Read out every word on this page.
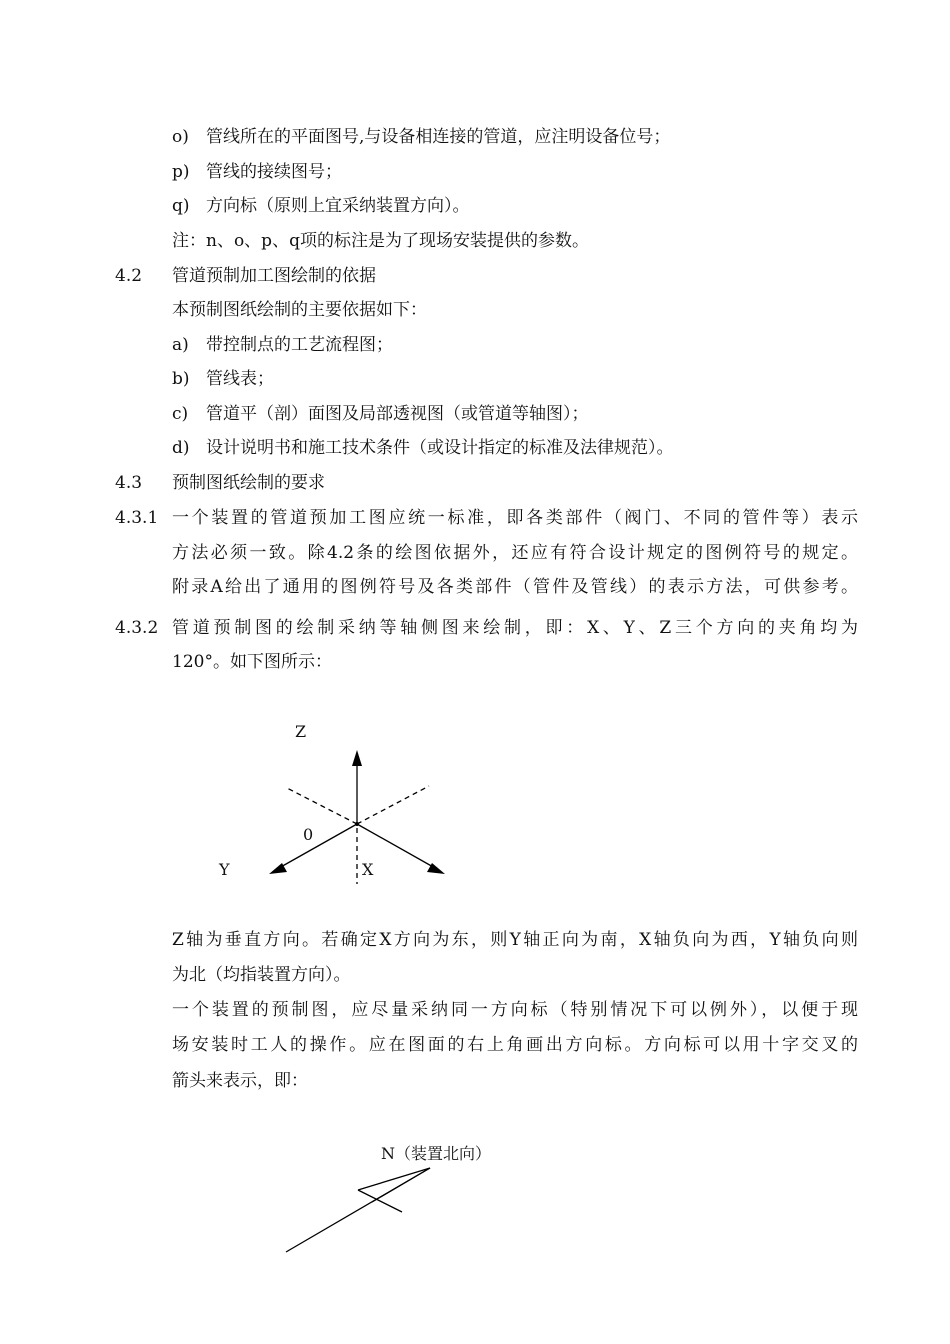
o) 管线所在的平面图号,与设备相连接的管道，应注明设备位号；
p) 管线的接续图号；
q) 方向标（原则上宜采纳装置方向）。
注：n、o、p、q项的标注是为了现场安装提供的参数。
4.2 管道预制加工图绘制的依据
本预制图纸绘制的主要依据如下：
a) 带控制点的工艺流程图；
b) 管线表；
c) 管道平（剖）面图及局部透视图（或管道等轴图）；
d) 设计说明书和施工技术条件（或设计指定的标准及法律规范）。
4.3 预制图纸绘制的要求
4.3.1 一个装置的管道预加工图应统一标准，即各类部件（阀门、不同的管件等）表示
方法必须一致。除4.2条的绘图依据外，还应有符合设计规定的图例符号的规定。
附录A给出了通用的图例符号及各类部件（管件及管线）的表示方法，可供参考。
4.3.2 管道预制图的绘制采纳等轴侧图来绘制，即：X、Y、Z三个方向的夹角均为
120°。如下图所示：
Z
0
Y	X
Z轴为垂直方向。若确定X方向为东，则Y轴正向为南，X轴负向为西，Y轴负向则
为北（均指装置方向）。
一个装置的预制图，应尽量采纳同一方向标（特别情况下可以例外），以便于现
场安装时工人的操作。应在图面的右上角画出方向标。方向标可以用十字交叉的
箭头来表示，即：
N（装置北向）
